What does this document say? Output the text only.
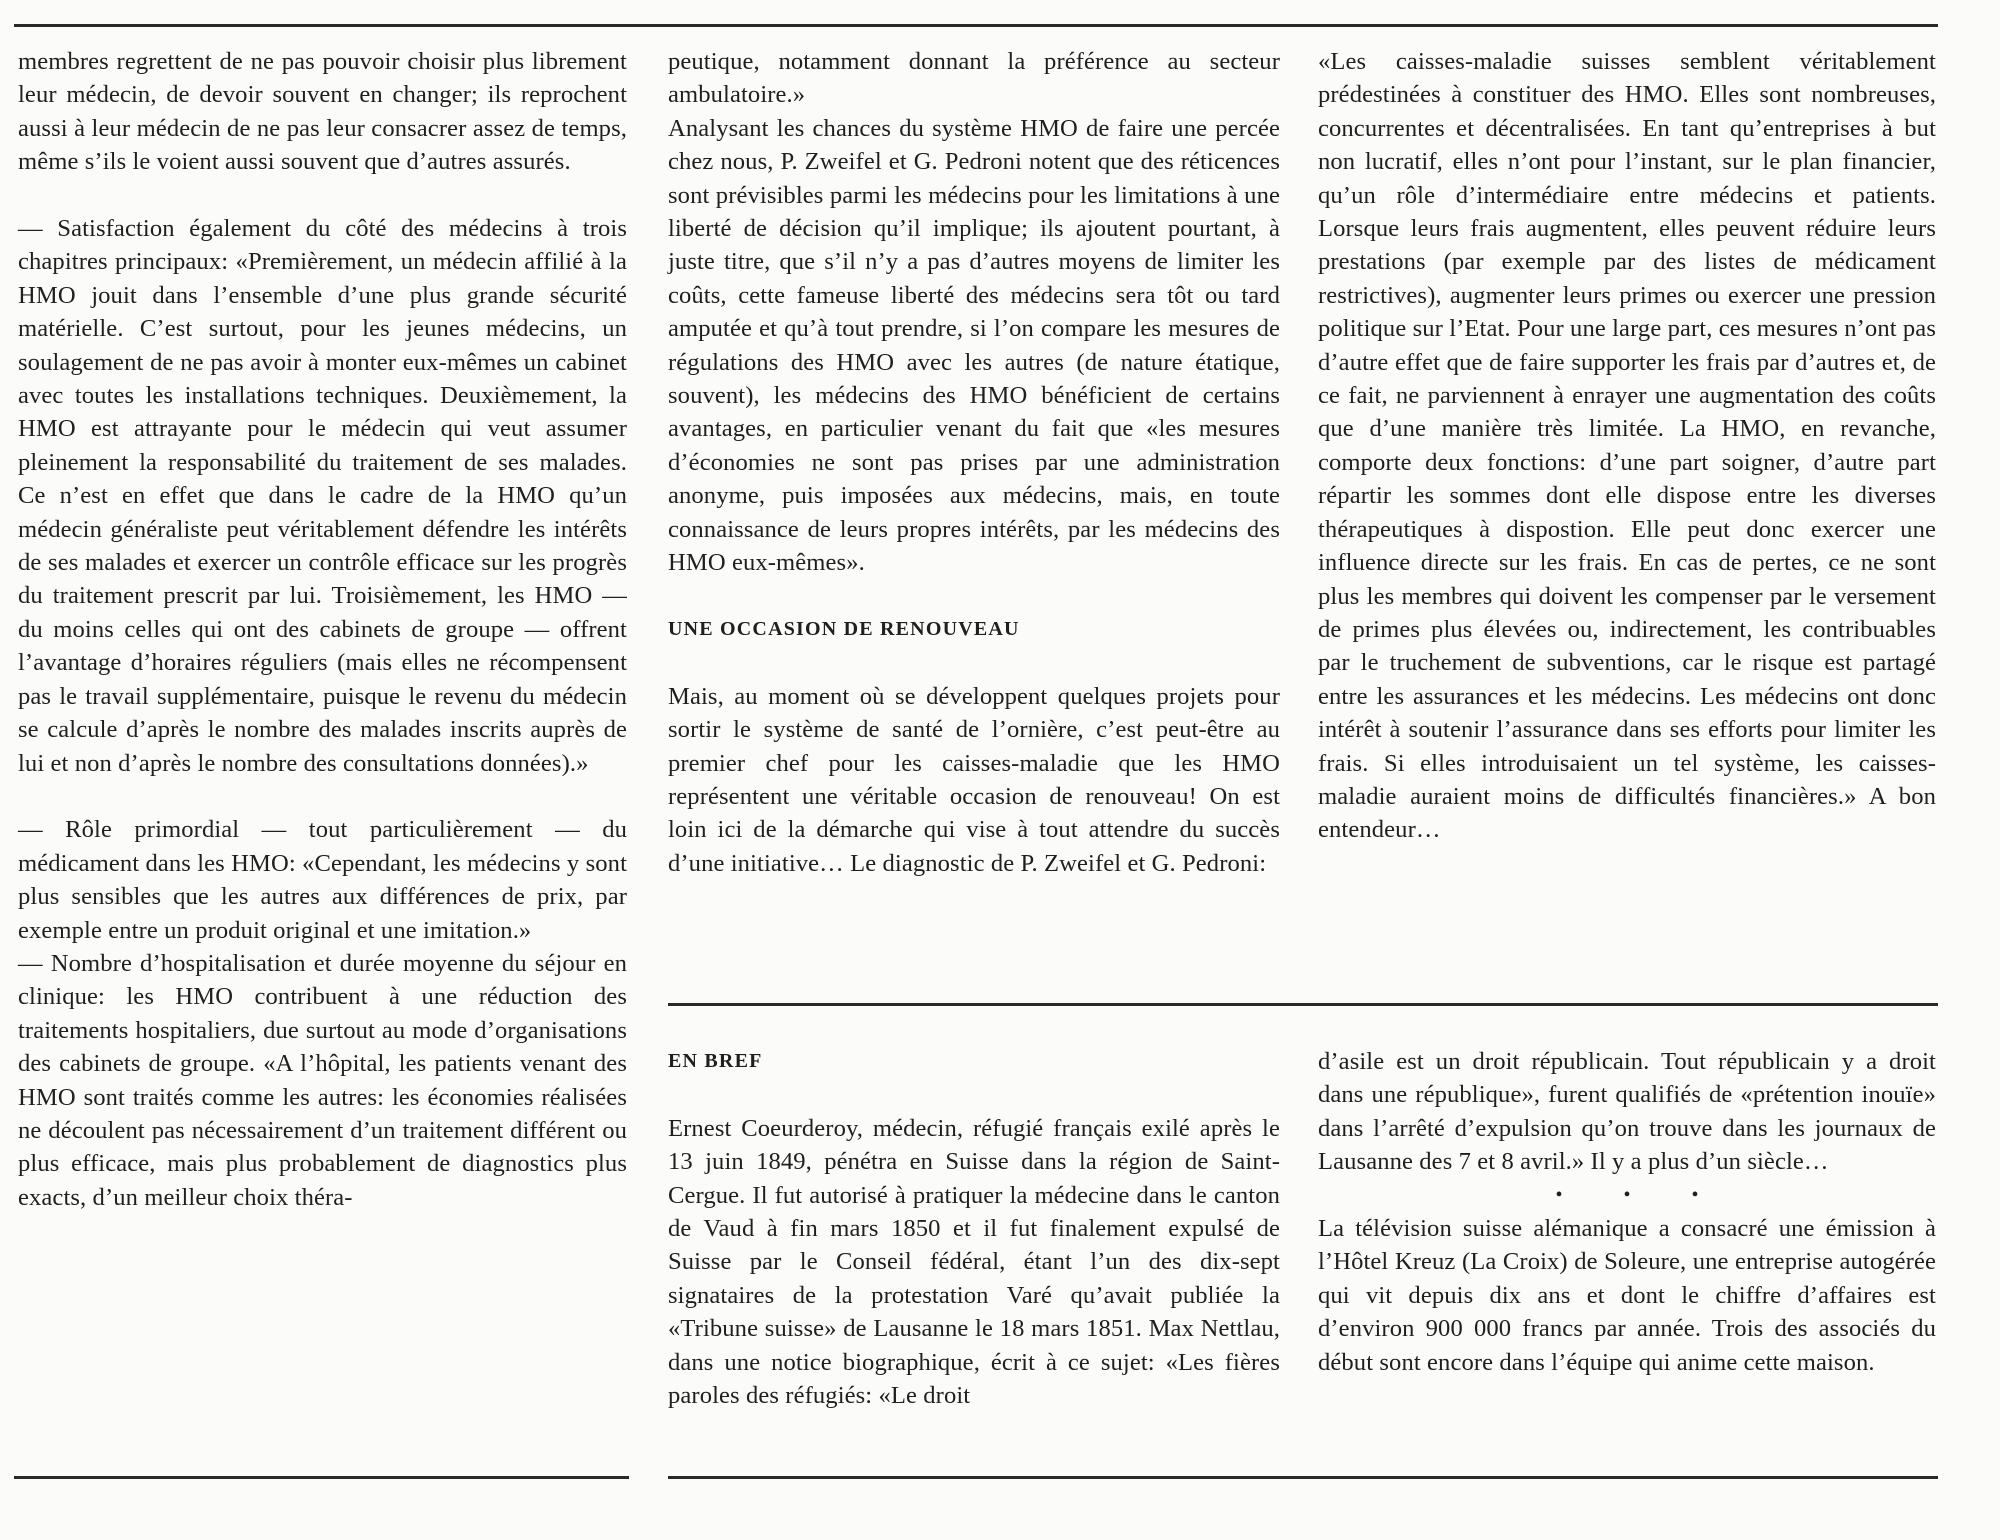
membres regrettent de ne pas pouvoir choisir plus librement leur médecin, de devoir souvent en changer; ils reprochent aussi à leur médecin de ne pas leur consacrer assez de temps, même s’ils le voient aussi souvent que d’autres assurés.

— Satisfaction également du côté des médecins à trois chapitres principaux: «Premièrement, un médecin affilié à la HMO jouit dans l’ensemble d’une plus grande sécurité matérielle. C’est surtout, pour les jeunes médecins, un soulagement de ne pas avoir à monter eux-mêmes un cabinet avec toutes les installations techniques. Deuxièmement, la HMO est attrayante pour le médecin qui veut assumer pleinement la responsabilité du traitement de ses malades. Ce n’est en effet que dans le cadre de la HMO qu’un médecin généraliste peut véritablement défendre les intérêts de ses malades et exercer un contrôle efficace sur les progrès du traitement prescrit par lui. Troisièmement, les HMO — du moins celles qui ont des cabinets de groupe — offrent l’avantage d’horaires réguliers (mais elles ne récompensent pas le travail supplémentaire, puisque le revenu du médecin se calcule d’après le nombre des malades inscrits auprès de lui et non d’après le nombre des consultations données).»

— Rôle primordial — tout particulièrement — du médicament dans les HMO: «Cependant, les médecins y sont plus sensibles que les autres aux différences de prix, par exemple entre un produit original et une imitation.»

— Nombre d’hospitalisation et durée moyenne du séjour en clinique: les HMO contribuent à une réduction des traitements hospitaliers, due surtout au mode d’organisations des cabinets de groupe. «A l’hôpital, les patients venant des HMO sont traités comme les autres: les économies réalisées ne découlent pas nécessairement d’un traitement différent ou plus efficace, mais plus probablement de diagnostics plus exacts, d’un meilleur choix théra-

peutique, notamment donnant la préférence au secteur ambulatoire.»

Analysant les chances du système HMO de faire une percée chez nous, P. Zweifel et G. Pedroni notent que des réticences sont prévisibles parmi les médecins pour les limitations à une liberté de décision qu’il implique; ils ajoutent pourtant, à juste titre, que s’il n’y a pas d’autres moyens de limiter les coûts, cette fameuse liberté des médecins sera tôt ou tard amputée et qu’à tout prendre, si l’on compare les mesures de régulations des HMO avec les autres (de nature étatique, souvent), les médecins des HMO bénéficient de certains avantages, en particulier venant du fait que «les mesures d’économies ne sont pas prises par une administration anonyme, puis imposées aux médecins, mais, en toute connaissance de leurs propres intérêts, par les médecins des HMO eux-mêmes».

UNE OCCASION DE RENOUVEAU

Mais, au moment où se développent quelques projets pour sortir le système de santé de l’ornière, c’est peut-être au premier chef pour les caisses-maladie que les HMO représentent une véritable occasion de renouveau! On est loin ici de la démarche qui vise à tout attendre du succès d’une initiative… Le diagnostic de P. Zweifel et G. Pedroni:

«Les caisses-maladie suisses semblent véritablement prédestinées à constituer des HMO. Elles sont nombreuses, concurrentes et décentralisées. En tant qu’entreprises à but non lucratif, elles n’ont pour l’instant, sur le plan financier, qu’un rôle d’intermédiaire entre médecins et patients. Lorsque leurs frais augmentent, elles peuvent réduire leurs prestations (par exemple par des listes de médicament restrictives), augmenter leurs primes ou exercer une pression politique sur l’Etat. Pour une large part, ces mesures n’ont pas d’autre effet que de faire supporter les frais par d’autres et, de ce fait, ne parviennent à enrayer une augmentation des coûts que d’une manière très limitée. La HMO, en revanche, comporte deux fonctions: d’une part soigner, d’autre part répartir les sommes dont elle dispose entre les diverses thérapeutiques à dispostion. Elle peut donc exercer une influence directe sur les frais. En cas de pertes, ce ne sont plus les membres qui doivent les compenser par le versement de primes plus élevées ou, indirectement, les contribuables par le truchement de subventions, car le risque est partagé entre les assurances et les médecins. Les médecins ont donc intérêt à soutenir l’assurance dans ses efforts pour limiter les frais. Si elles introduisaient un tel système, les caisses-maladie auraient moins de difficultés financières.» A bon entendeur…

EN BREF

Ernest Coeurderoy, médecin, réfugié français exilé après le 13 juin 1849, pénétra en Suisse dans la région de Saint-Cergue. Il fut autorisé à pratiquer la médecine dans le canton de Vaud à fin mars 1850 et il fut finalement expulsé de Suisse par le Conseil fédéral, étant l’un des dix-sept signataires de la protestation Varé qu’avait publiée la «Tribune suisse» de Lausanne le 18 mars 1851. Max Nettlau, dans une notice biographique, écrit à ce sujet: «Les fières paroles des réfugiés: «Le droit

d’asile est un droit républicain. Tout républicain y a droit dans une république», furent qualifiés de «prétention inouïe» dans l’arrêté d’expulsion qu’on trouve dans les journaux de Lausanne des 7 et 8 avril.» Il y a plus d’un siècle…

• • •

La télévision suisse alémanique a consacré une émission à l’Hôtel Kreuz (La Croix) de Soleure, une entreprise autogérée qui vit depuis dix ans et dont le chiffre d’affaires est d’environ 900 000 francs par année. Trois des associés du début sont encore dans l’équipe qui anime cette maison.
